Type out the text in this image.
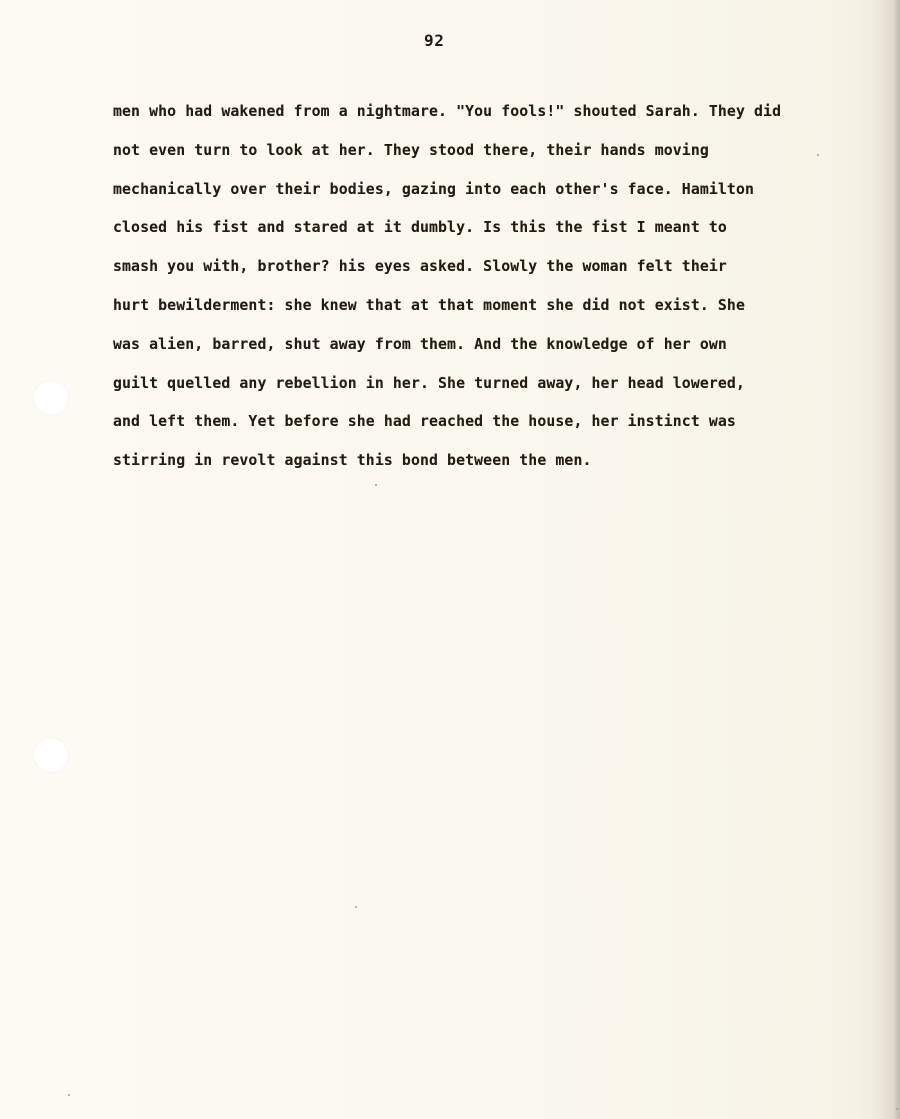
92
men who had wakened from a nightmare. "You fools!" shouted Sarah. They did
not even turn to look at her. They stood there, their hands moving
mechanically over their bodies, gazing into each other's face. Hamilton
closed his fist and stared at it dumbly. Is this the fist I meant to
smash you with, brother? his eyes asked. Slowly the woman felt their
hurt bewilderment: she knew that at that moment she did not exist. She
was alien, barred, shut away from them. And the knowledge of her own
guilt quelled any rebellion in her. She turned away, her head lowered,
and left them. Yet before she had reached the house, her instinct was
stirring in revolt against this bond between the men.
